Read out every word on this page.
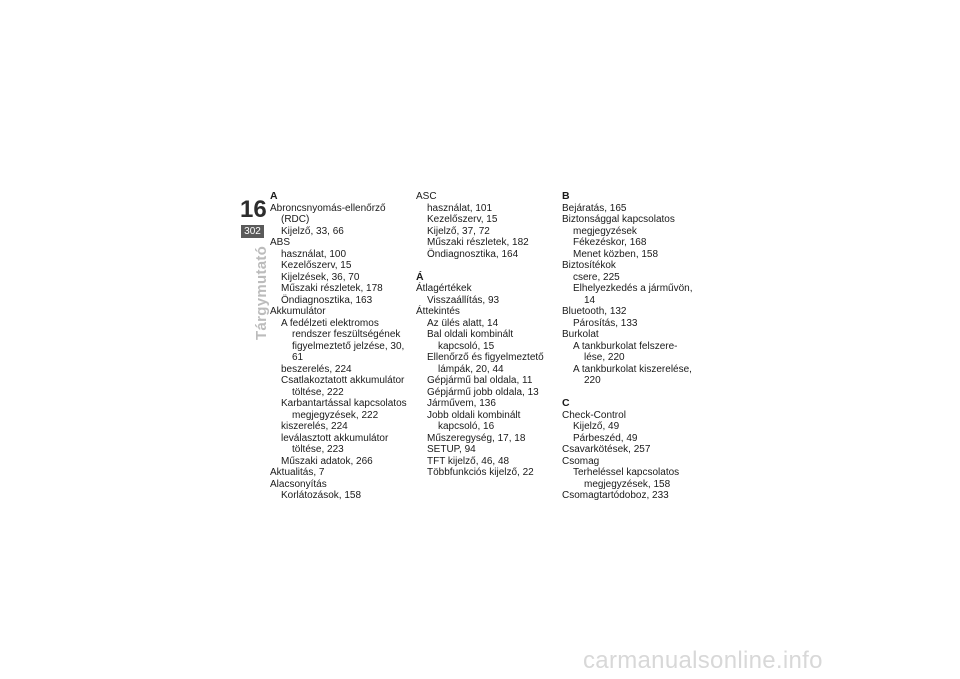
16
302
Tárgymutató
A
Abroncsnyomás-ellenőrző (RDC)
Kijelző, 33, 66
ABS
használat, 100
Kezelőszerv, 15
Kijelzések, 36, 70
Műszaki részletek, 178
Öndiagnosztika, 163
Akkumulátor
A fedélzeti elektromos rendszer feszültségének figyelmeztető jelzése, 30, 61
beszerelés, 224
Csatlakoztatott akkumulátor töltése, 222
Karbantartással kapcsolatos megjegyzések, 222
kiszerelés, 224
leválasztott akkumulátor töltése, 223
Műszaki adatok, 266
Aktualitás, 7
Alacsonyítás
Korlátozások, 158
ASC
használat, 101
Kezelőszerv, 15
Kijelző, 37, 72
Műszaki részletek, 182
Öndiagnosztika, 164
Á
Átlagértékek
Visszaállítás, 93
Áttekintés
Az ülés alatt, 14
Bal oldali kombinált kapcsoló, 15
Ellenőrző és figyelmeztető lámpák, 20, 44
Gépjármű bal oldala, 11
Gépjármű jobb oldala, 13
Járművem, 136
Jobb oldali kombinált kapcsoló, 16
Műszeregység, 17, 18
SETUP, 94
TFT kijelző, 46, 48
Többfunkciós kijelző, 22
B
Bejáratás, 165
Biztonsággal kapcsolatos
megjegyzések
Fékezéskor, 168
Menet közben, 158
Biztosítékok
csere, 225
Elhelyezkedés a járművön, 14
Bluetooth, 132
Párosítás, 133
Burkolat
A tankburkolat felszere- lése, 220
A tankburkolat kiszerelése, 220
C
Check-Control
Kijelző, 49
Párbeszéd, 49
Csavarkötések, 257
Csomag
Terheléssel kapcsolatos megjegyzések, 158
Csomagtartódoboz, 233
carmanualsonline.info
